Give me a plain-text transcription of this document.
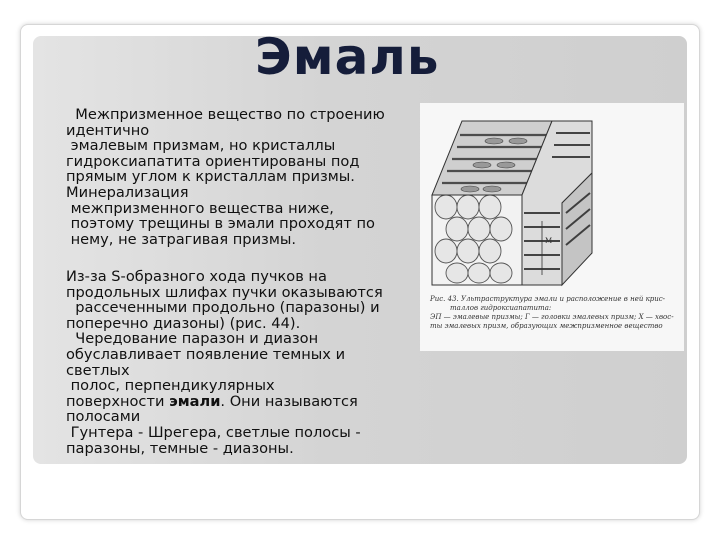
Эмаль
Межпризменное вещество по строению
идентично
эмалевым призмам, но кристаллы
гидроксиапатита ориентированы под
прямым углом к кристаллам призмы.
Минерализация
межпризменного вещества ниже,
поэтому трещины в эмали проходят по
нему, не затрагивая призмы.
Из-за S-образного хода пучков на
продольных шлифах пучки оказываются
рассеченными продольно (паразоны) и
поперечно диазоны) (рис. 44).
Чередование паразон и диазон
обуславливает появление темных и
светлых
полос, перпендикулярных
поверхности эмали. Они называются
полосами
Гунтера - Шрегера, светлые полосы -
паразоны, темные - диазоны.
М
Рис. 43. Ультраструктура эмали и расположение в ней крис-
таллов гидроксиапатита:
ЭП — эмалевые призмы; Г — головки эмалевых призм; Х — хвос-
ты эмалевых призм, образующих межпризменное вещество
